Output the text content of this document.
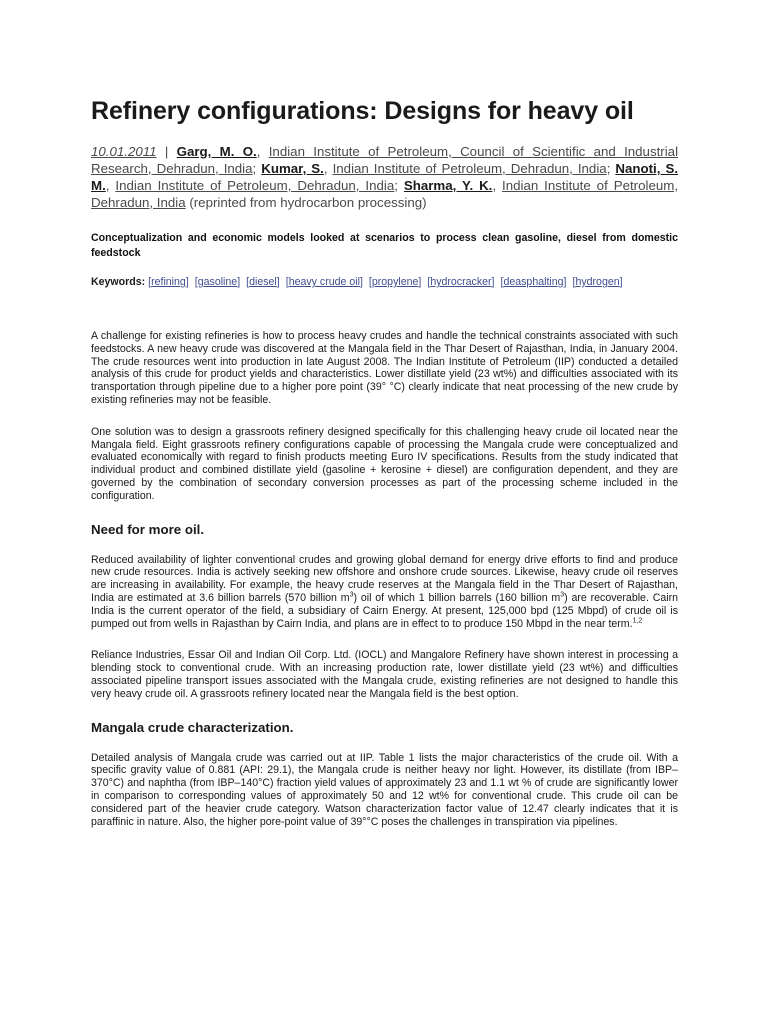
Refinery configurations: Designs for heavy oil
10.01.2011 | Garg, M. O., Indian Institute of Petroleum, Council of Scientific and Industrial Research, Dehradun, India; Kumar, S., Indian Institute of Petroleum, Dehradun, India; Nanoti, S. M., Indian Institute of Petroleum, Dehradun, India; Sharma, Y. K., Indian Institute of Petroleum, Dehradun, India (reprinted from hydrocarbon processing)
Conceptualization and economic models looked at scenarios to process clean gasoline, diesel from domestic feedstock
Keywords: [refining] [gasoline] [diesel] [heavy crude oil] [propylene] [hydrocracker] [deasphalting] [hydrogen]

A challenge for existing refineries is how to process heavy crudes and handle the technical constraints associated with such feedstocks. A new heavy crude was discovered at the Mangala field in the Thar Desert of Rajasthan, India, in January 2004. The crude resources went into production in late August 2008. The Indian Institute of Petroleum (IIP) conducted a detailed analysis of this crude for product yields and characteristics. Lower distillate yield (23 wt%) and difficulties associated with its transportation through pipeline due to a higher pore point (39° °C) clearly indicate that neat processing of the new crude by existing refineries may not be feasible.

One solution was to design a grassroots refinery designed specifically for this challenging heavy crude oil located near the Mangala field. Eight grassroots refinery configurations capable of processing the Mangala crude were conceptualized and evaluated economically with regard to finish products meeting Euro IV specifications. Results from the study indicated that individual product and combined distillate yield (gasoline + kerosine + diesel) are configuration dependent, and they are governed by the combination of secondary conversion processes as part of the processing scheme included in the configuration.

Need for more oil.

Reduced availability of lighter conventional crudes and growing global demand for energy drive efforts to find and produce new crude resources. India is actively seeking new offshore and onshore crude sources. Likewise, heavy crude oil reserves are increasing in availability. For example, the heavy crude reserves at the Mangala field in the Thar Desert of Rajasthan, India are estimated at 3.6 billion barrels (570 billion $m^3$) oil of which 1 billion barrels (160 billion $m^3$) are recoverable. Cairn India is the current operator of the field, a subsidiary of Cairn Energy. At present, 125,000 bpd (125 Mbpd) of crude oil is pumped out from wells in Rajasthan by Cairn India, and plans are in effect to to produce 150 Mbpd in the near term.$^{1,2}$

Reliance Industries, Essar Oil and Indian Oil Corp. Ltd. (IOCL) and Mangalore Refinery have shown interest in processing a blending stock to conventional crude. With an increasing production rate, lower distillate yield (23 wt%) and difficulties associated pipeline transport issues associated with the Mangala crude, existing refineries are not designed to handle this very heavy crude oil. A grassroots refinery located near the Mangala field is the best option.

Mangala crude characterization.

Detailed analysis of Mangala crude was carried out at IIP. Table 1 lists the major characteristics of the crude oil. With a specific gravity value of 0.881 (API: 29.1), the Mangala crude is neither heavy nor light. However, its distillate (from IBP–370°C) and naphtha (from IBP–140°C) fraction yield values of approximately 23 and 1.1 wt % of crude are significantly lower in comparison to corresponding values of approximately 50 and 12 wt% for conventional crude. This crude oil can be considered part of the heavier crude category. Watson characterization factor value of 12.47 clearly indicates that it is paraffinic in nature. Also, the higher pore-point value of 39°°C poses the challenges in transpiration via pipelines.
